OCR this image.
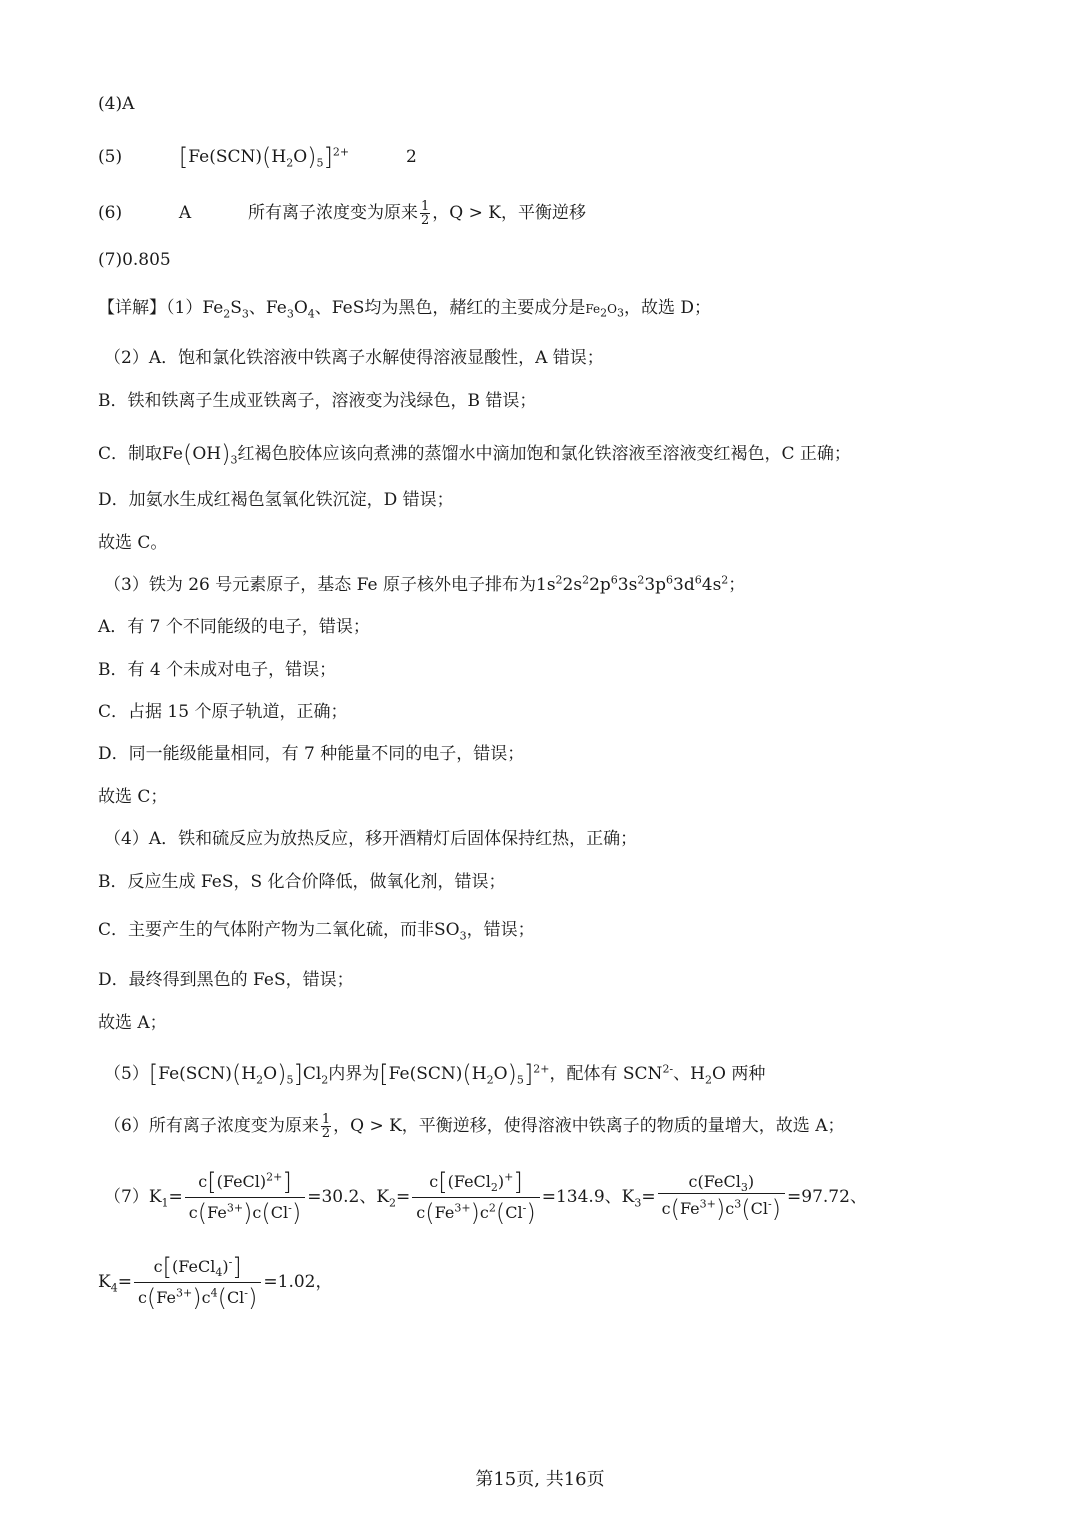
(4)A
(5) $[Fe(SCN)(H_2O)_5]^{2+}$	2
(6)	A	所有离子浓度变为原来 $\frac{1}{2}$ ，Q > K，平衡逆移
(7)0.805
【详解】$(1)Fe_2S_3$、$Fe_3O_4$、FeS均为黑色，赭红的主要成分是$Fe_2O_3$，故选 D；
（2）A．饱和氯化铁溶液中铁离子水解使得溶液显酸性，A 错误；
B．铁和铁离子生成亚铁离子，溶液变为浅绿色，B 错误；
C．制取$Fe(OH)_3$红褐色胶体应该向煮沸的蒸馏水中滴加饱和氯化铁溶液至溶液变红褐色，C 正确；
D．加氨水生成红褐色氢氧化铁沉淀，D 错误；
故选 C。
（3）铁为 26 号元素原子，基态 Fe 原子核外电子排布为$1s^22s^22p^63s^23p^63d^64s^2$；
A．有 7 个不同能级的电子，错误；
B．有 4 个未成对电子，错误；
C．占据 15 个原子轨道，正确；
D．同一能级能量相同，有 7 种能量不同的电子，错误；
故选 C；
（4）A．铁和硫反应为放热反应，移开酒精灯后固体保持红热，正确；
B．反应生成 FeS，S 化合价降低，做氧化剂，错误；
C．主要产生的气体附产物为二氧化硫，而非$SO_3$，错误；
D．最终得到黑色的 FeS，错误；
故选 A；
$(5)[Fe(SCN)(H_2O)_5]Cl_2$内界为$[Fe(SCN)(H_2O)_5]^{2+}$，配体有 $SCN^{2-}$、$H_2O$ 两种
（6）所有离子浓度变为原来 $\frac{1}{2}$ ，Q > K，平衡逆移，使得溶液中铁离子的物质的量增大，故选 A；
$(7)K_1= \frac{c[(FeCl)^{2+}]}{c(Fe^{3+})c(Cl^-)} =30.2$、$K_2= \frac{c[(FeCl_2)^+]}{c(Fe^{3+})c^2(Cl^-)} =134.9$、$K_3= \frac{c(FeCl_3)}{c(Fe^{3+})c^3(Cl^-)} =97.72$、
$K_4= \frac{c[(FeCl_4)^-]}{c(Fe^{3+})c^4(Cl^-)} =1.02$，
第15页, 共16页
